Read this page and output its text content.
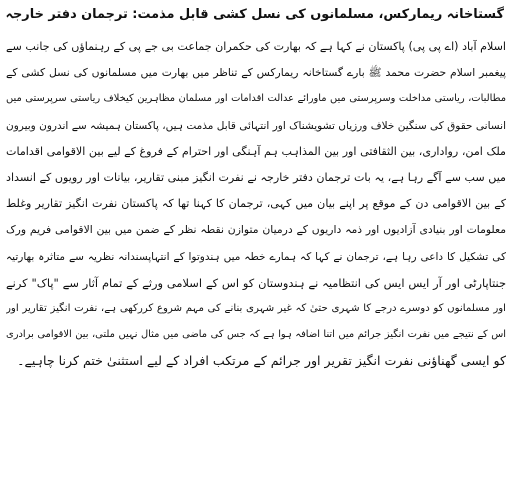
گستاخانہ ریمارکس، مسلمانوں کی نسل کشی قابل مذمت: ترجمان دفتر خارجہ
اسلام آباد (اے پی پی) پاکستان نے کہا ہے کہ بھارت کی حکمران جماعت بی جے پی کے رہنماؤں کی جانب سے
پیغمبر اسلام حضرت محمد ﷺ بارے گستاخانہ ریمارکس کے تناظر میں بھارت میں مسلمانوں کی نسل کشی کے
مطالبات، ریاستی مداخلت وسرپرستی میں ماورائے عدالت اقدامات اور مسلمان مظاہرین کیخلاف ریاستی سرپرستی میں
انسانی حقوق کی سنگین خلاف ورزیاں تشویشناک اور انتہائی قابل مذمت ہیں، پاکستان ہمیشہ سے اندرون وبیرون
ملک امن، رواداری، بین الثقافتی اور بین المذاہب ہم آہنگی اور احترام کے فروغ کے لیے بین الاقوامی اقدامات
میں سب سے آگے رہا ہے، یہ بات ترجمان دفتر خارجہ نے نفرت انگیز مبنی تقاریر، بیانات اور رویوں کے انسداد
کے بین الاقوامی دن کے موقع پر اپنے بیان میں کہی، ترجمان کا کہنا تھا کہ پاکستان نفرت انگیز تقاریر وغلط
معلومات اور بنیادی آزادیوں اور ذمہ داریوں کے درمیان متوازن نقطہ نظر کے ضمن میں بین الاقوامی فریم ورک
کی تشکیل کا داعی رہا ہے، ترجمان نے کہا کہ ہمارے خطہ میں ہندوتوا کے انتہاپسندانہ نظریہ سے متاثرہ بھارتیہ
جنتاپارٹی اور آر ایس ایس کی انتظامیہ نے ہندوستان کو اس کے اسلامی ورثے کے تمام آثار سے "پاک" کرنے
اور مسلمانوں کو دوسرے درجے کا شہری حتیٰ کہ غیر شہری بنانے کی مہم شروع کررکھی ہے، نفرت انگیز تقاریر اور
اس کے نتیجے میں نفرت انگیز جرائم میں اتنا اضافہ ہوا ہے کہ جس کی ماضی میں مثال نہیں ملتی، بین الاقوامی برادری
کو ایسی گھناؤنی نفرت انگیز تقریر اور جرائم کے مرتکب افراد کے لیے استثنیٰ ختم کرنا چاہیے۔
